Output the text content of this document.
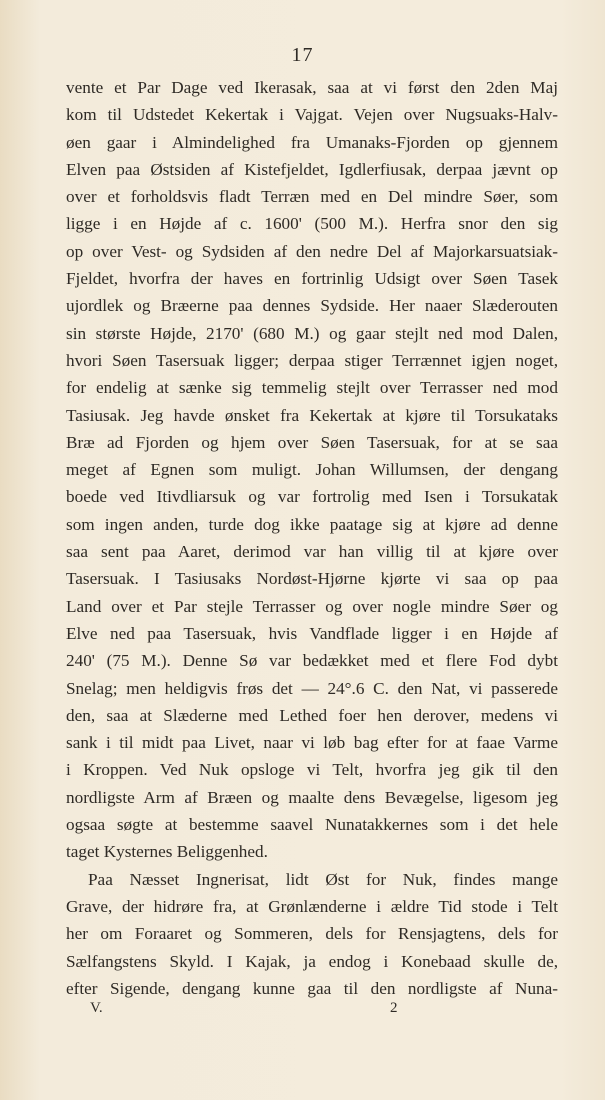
17
vente et Par Dage ved Ikerasak, saa at vi først den 2den Maj
kom til Udstedet Kekertak i Vajgat. Vejen over Nugsuaks-Halv-
øen gaar i Almindelighed fra Umanaks-Fjorden op gjennem
Elven paa Østsiden af Kistefjeldet, Igdlerfiusak, derpaa jævnt op
over et forholdsvis fladt Terræn med en Del mindre Søer, som
ligge i en Højde af c. 1600' (500 M.). Herfra snor den sig
op over Vest- og Sydsiden af den nedre Del af Majorkarsuatsiak-
Fjeldet, hvorfra der haves en fortrinlig Udsigt over Søen Tasek
ujordlek og Bræerne paa dennes Sydside. Her naaer Slæderouten
sin største Højde, 2170' (680 M.) og gaar stejlt ned mod Dalen,
hvori Søen Tasersuak ligger; derpaa stiger Terrænnet igjen noget,
for endelig at sænke sig temmelig stejlt over Terrasser ned mod
Tasiusak. Jeg havde ønsket fra Kekertak at kjøre til Torsukataks
Bræ ad Fjorden og hjem over Søen Tasersuak, for at se saa
meget af Egnen som muligt. Johan Willumsen, der dengang
boede ved Itivdliarsuk og var fortrolig med Isen i Torsukatak
som ingen anden, turde dog ikke paatage sig at kjøre ad denne
saa sent paa Aaret, derimod var han villig til at kjøre over
Tasersuak. I Tasiusaks Nordøst-Hjørne kjørte vi saa op paa
Land over et Par stejle Terrasser og over nogle mindre Søer og
Elve ned paa Tasersuak, hvis Vandflade ligger i en Højde af
240' (75 M.). Denne Sø var bedækket med et flere Fod dybt
Snelag; men heldigvis frøs det — 24°.6 C. den Nat, vi passerede
den, saa at Slæderne med Lethed foer hen derover, medens vi
sank i til midt paa Livet, naar vi løb bag efter for at faae Varme
i Kroppen. Ved Nuk opsloge vi Telt, hvorfra jeg gik til den
nordligste Arm af Bræen og maalte dens Bevægelse, ligesom jeg
ogsaa søgte at bestemme saavel Nunatakkernes som i det hele
taget Kysternes Beliggenhed.
Paa Næsset Ingnerisat, lidt Øst for Nuk, findes mange
Grave, der hidrøre fra, at Grønlænderne i ældre Tid stode i Telt
her om Foraaret og Sommeren, dels for Rensjagtens, dels for
Sælfangstens Skyld. I Kajak, ja endog i Konebaad skulle de,
efter Sigende, dengang kunne gaa til den nordligste af Nuna-
V.	2
